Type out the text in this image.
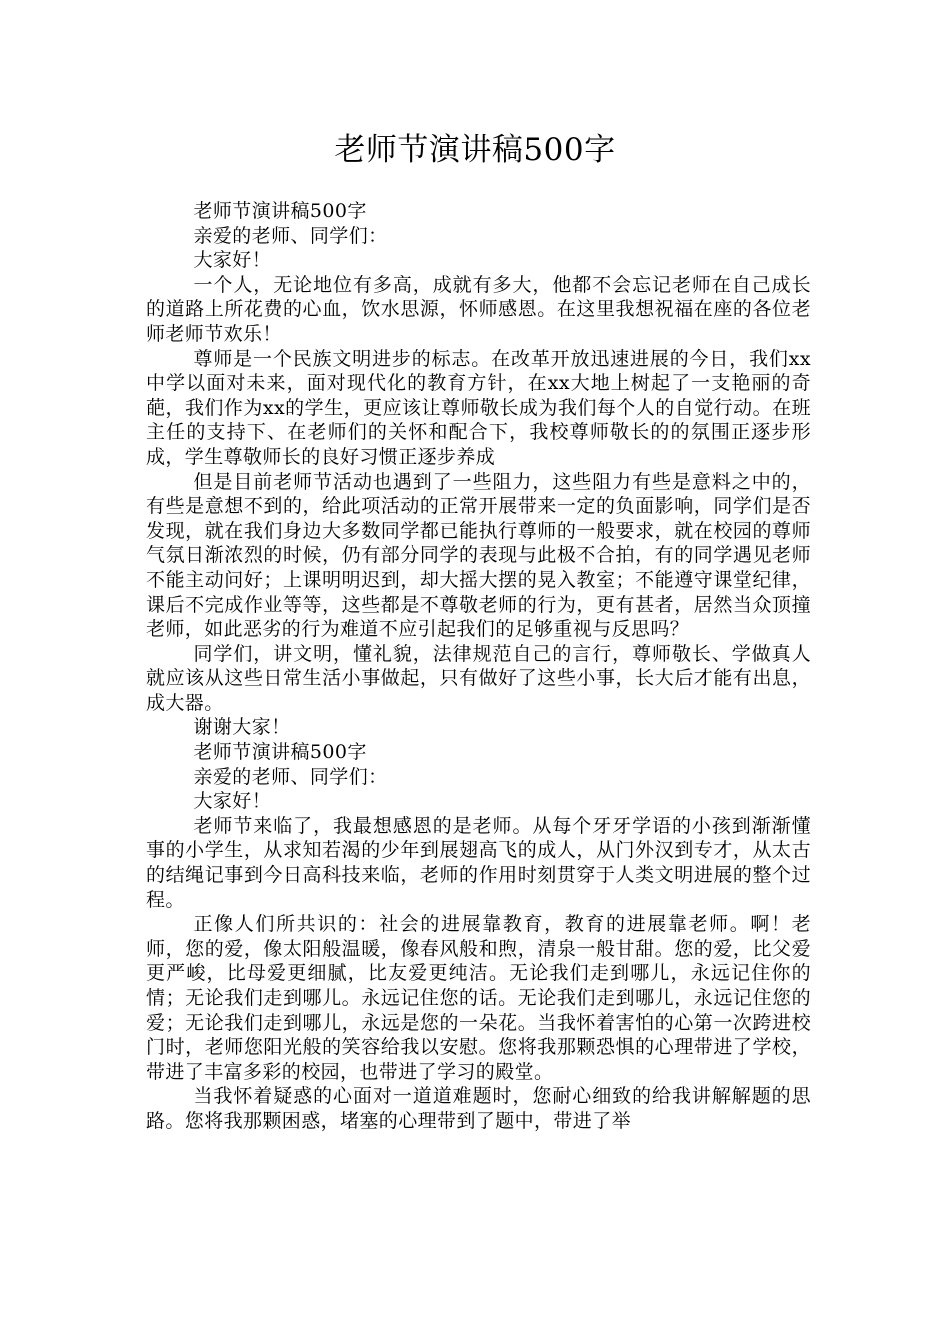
老师节演讲稿500字

老师节演讲稿500字

亲爱的老师、同学们：

大家好！

一个人，无论地位有多高，成就有多大，他都不会忘记老师在自己成长的道路上所花费的心血，饮水思源，怀师感恩。在这里我想祝福在座的各位老师老师节欢乐！

尊师是一个民族文明进步的标志。在改革开放迅速进展的今日，我们xx中学以面对未来，面对现代化的教育方针，在xx大地上树起了一支艳丽的奇葩，我们作为xx的学生，更应该让尊师敬长成为我们每个人的自觉行动。在班主任的支持下、在老师们的关怀和配合下，我校尊师敬长的的氛围正逐步形成，学生尊敬师长的良好习惯正逐步养成

但是目前老师节活动也遇到了一些阻力，这些阻力有些是意料之中的，有些是意想不到的，给此项活动的正常开展带来一定的负面影响，同学们是否发现，就在我们身边大多数同学都已能执行尊师的一般要求，就在校园的尊师气氛日渐浓烈的时候，仍有部分同学的表现与此极不合拍，有的同学遇见老师不能主动问好；上课明明迟到，却大摇大摆的晃入教室；不能遵守课堂纪律，课后不完成作业等等，这些都是不尊敬老师的行为，更有甚者，居然当众顶撞老师，如此恶劣的行为难道不应引起我们的足够重视与反思吗？

同学们，讲文明，懂礼貌，法律规范自己的言行，尊师敬长、学做真人就应该从这些日常生活小事做起，只有做好了这些小事，长大后才能有出息，成大器。

谢谢大家！

老师节演讲稿500字

亲爱的老师、同学们：

大家好！

老师节来临了，我最想感恩的是老师。从每个牙牙学语的小孩到渐渐懂事的小学生，从求知若渴的少年到展翅高飞的成人，从门外汉到专才，从太古的结绳记事到今日高科技来临，老师的作用时刻贯穿于人类文明进展的整个过程。

正像人们所共识的：社会的进展靠教育，教育的进展靠老师。啊！老师，您的爱，像太阳般温暖，像春风般和煦，清泉一般甘甜。您的爱，比父爱更严峻，比母爱更细腻，比友爱更纯洁。无论我们走到哪儿，永远记住你的情；无论我们走到哪儿。永远记住您的话。无论我们走到哪儿，永远记住您的爱；无论我们走到哪儿，永远是您的一朵花。当我怀着害怕的心第一次跨进校门时，老师您阳光般的笑容给我以安慰。您将我那颗恐惧的心理带进了学校，带进了丰富多彩的校园，也带进了学习的殿堂。

当我怀着疑惑的心面对一道道难题时，您耐心细致的给我讲解解题的思路。您将我那颗困惑，堵塞的心理带到了题中，带进了举
